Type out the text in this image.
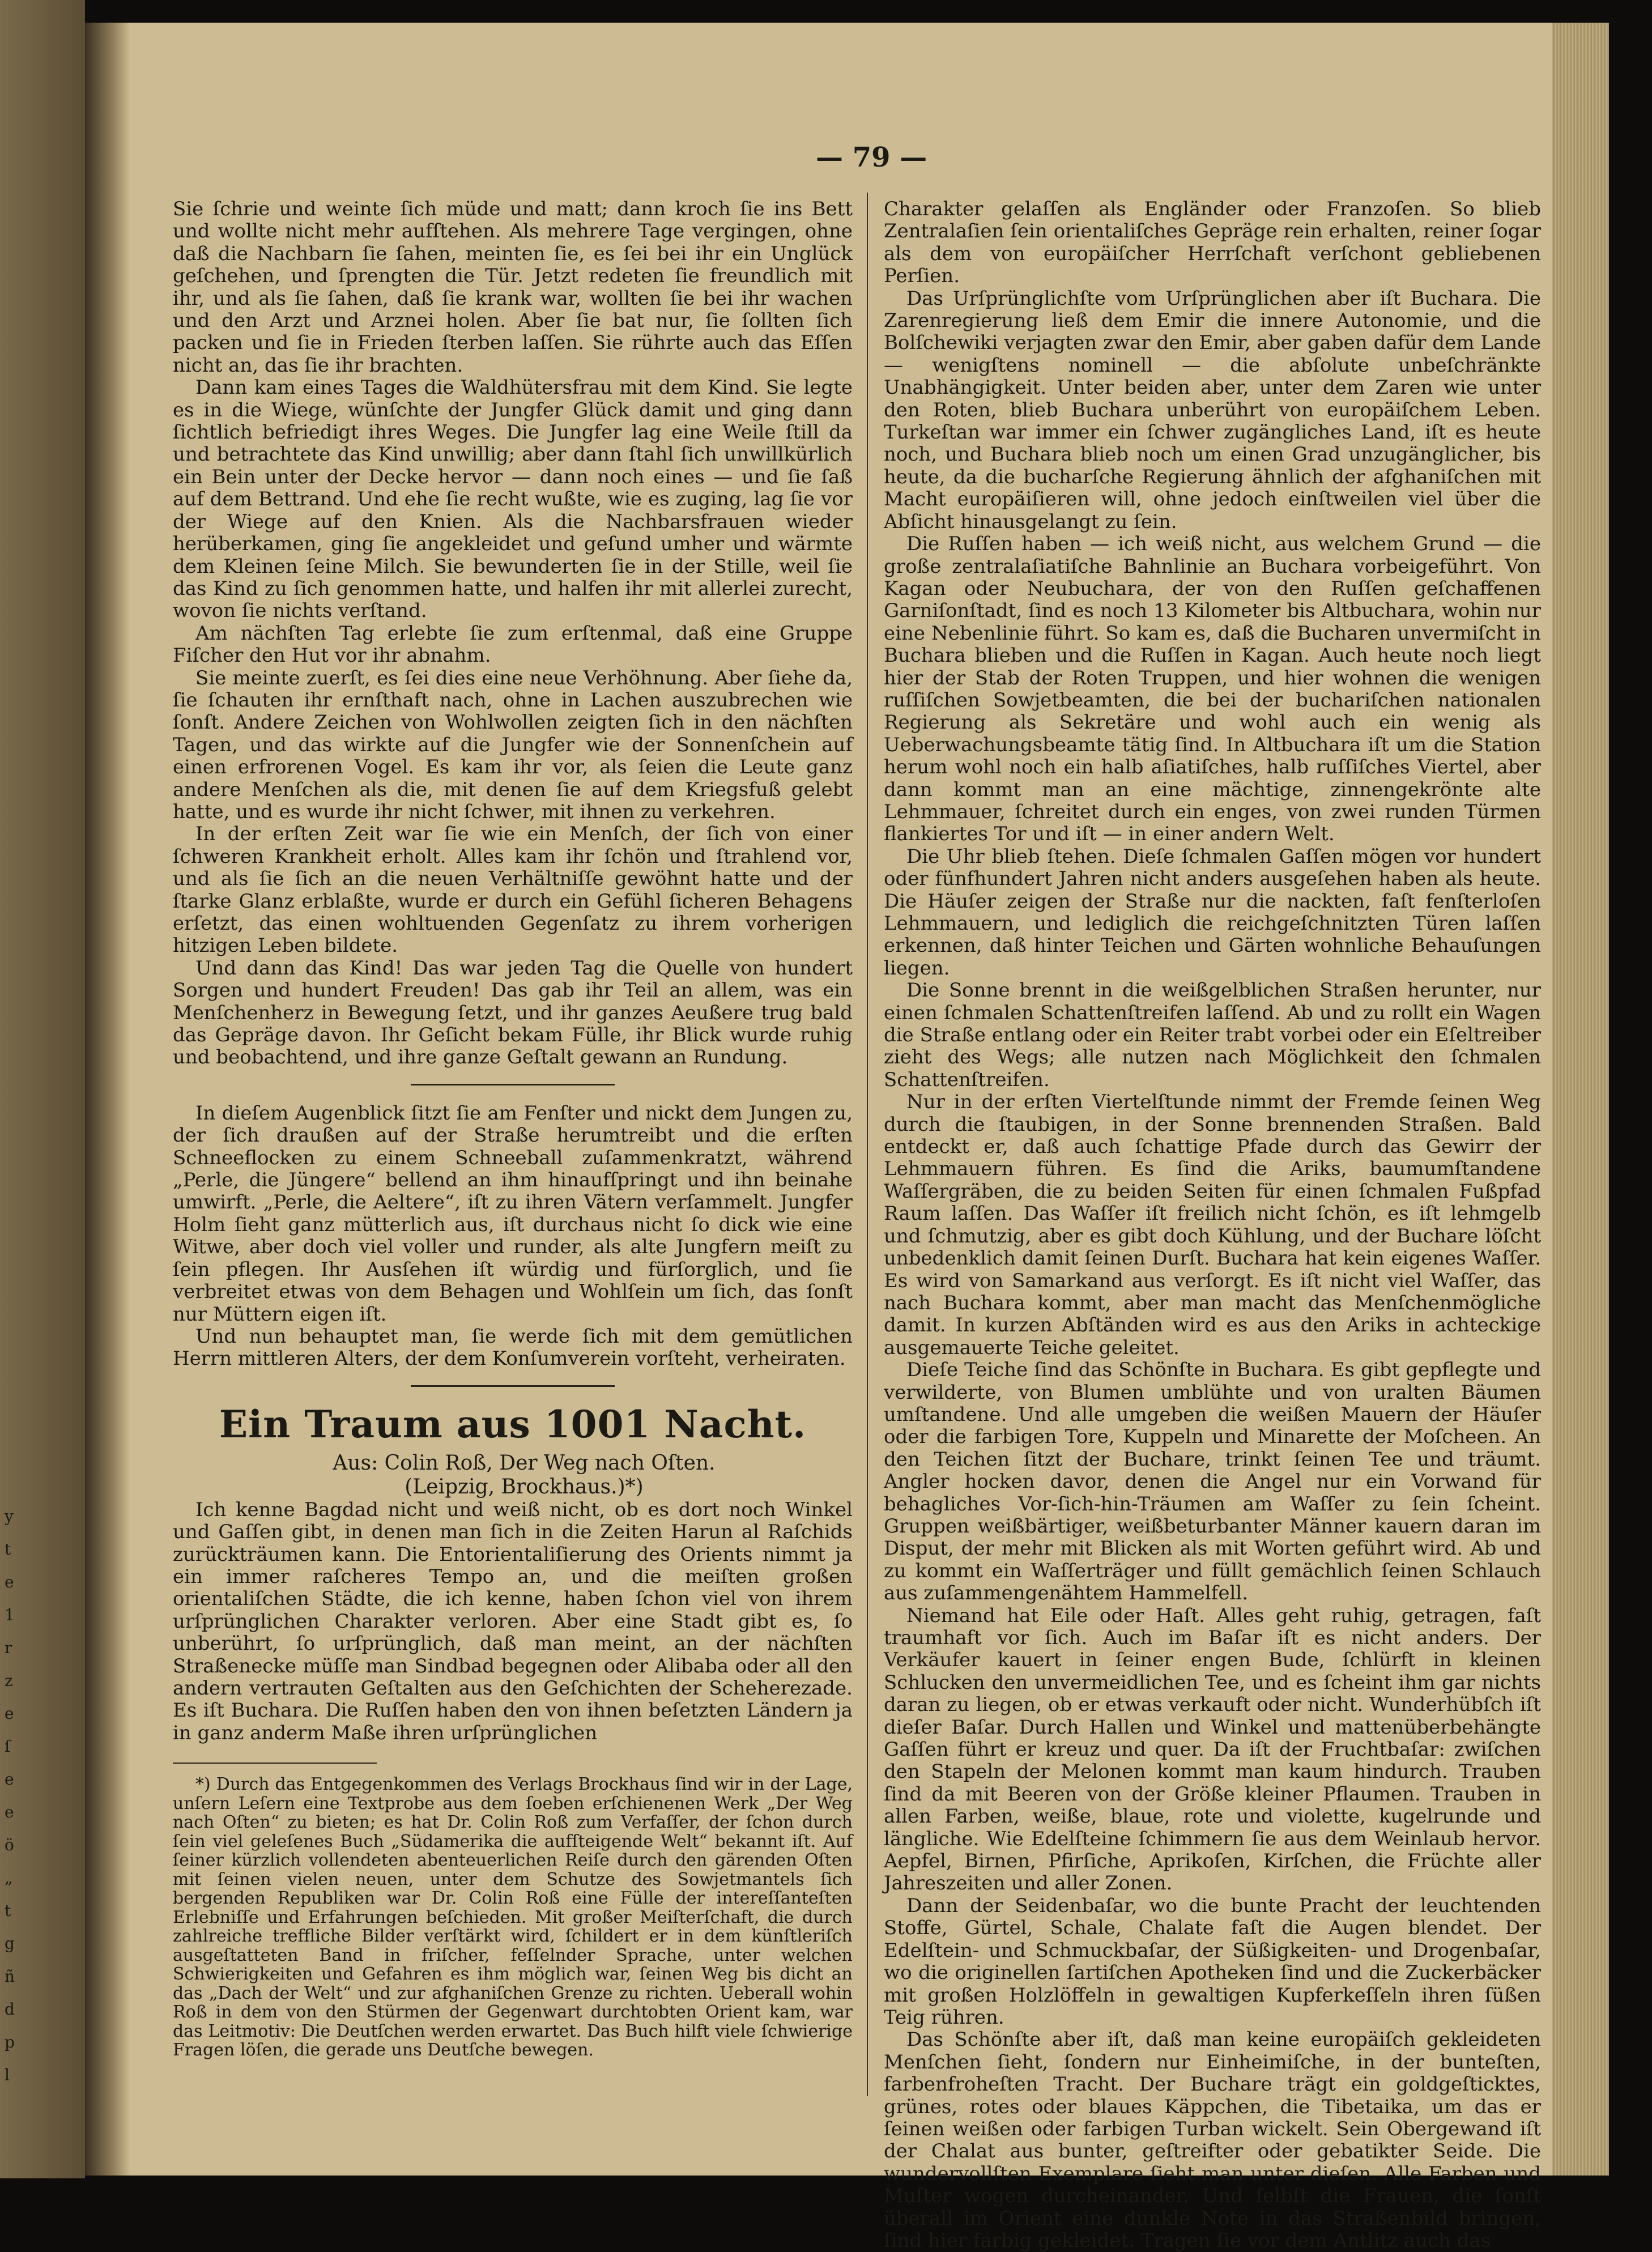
y
t
e
1
r
z
e
ſ
e
e
ö
„
t
g
ñ
d
p
l
— 79 —

Sie ſchrie und weinte ſich müde und matt; dann kroch ſie ins Bett und wollte nicht mehr aufſtehen. Als mehrere Tage vergingen, ohne daß die Nachbarn ſie ſahen, meinten ſie, es ſei bei ihr ein Unglück geſchehen, und ſprengten die Tür. Jetzt redeten ſie freundlich mit ihr, und als ſie ſahen, daß ſie krank war, wollten ſie bei ihr wachen und den Arzt und Arznei holen. Aber ſie bat nur, ſie ſollten ſich packen und ſie in Frieden ſterben laſſen. Sie rührte auch das Eſſen nicht an, das ſie ihr brachten.

Dann kam eines Tages die Waldhütersfrau mit dem Kind. Sie legte es in die Wiege, wünſchte der Jungfer Glück damit und ging dann ſichtlich befriedigt ihres Weges. Die Jungfer lag eine Weile ſtill da und betrachtete das Kind unwillig; aber dann ſtahl ſich unwillkürlich ein Bein unter der Decke hervor — dann noch eines — und ſie ſaß auf dem Bettrand. Und ehe ſie recht wußte, wie es zuging, lag ſie vor der Wiege auf den Knien. Als die Nachbarsfrauen wieder herüberkamen, ging ſie angekleidet und geſund umher und wärmte dem Kleinen ſeine Milch. Sie bewunderten ſie in der Stille, weil ſie das Kind zu ſich genommen hatte, und halfen ihr mit allerlei zurecht, wovon ſie nichts verſtand.

Am nächſten Tag erlebte ſie zum erſtenmal, daß eine Gruppe Fiſcher den Hut vor ihr abnahm.

Sie meinte zuerſt, es ſei dies eine neue Verhöhnung. Aber ſiehe da, ſie ſchauten ihr ernſthaft nach, ohne in Lachen auszubrechen wie ſonſt. Andere Zeichen von Wohlwollen zeigten ſich in den nächſten Tagen, und das wirkte auf die Jungfer wie der Sonnenſchein auf einen erfrorenen Vogel. Es kam ihr vor, als ſeien die Leute ganz andere Menſchen als die, mit denen ſie auf dem Kriegsfuß gelebt hatte, und es wurde ihr nicht ſchwer, mit ihnen zu verkehren.

In der erſten Zeit war ſie wie ein Menſch, der ſich von einer ſchweren Krankheit erholt. Alles kam ihr ſchön und ſtrahlend vor, und als ſie ſich an die neuen Verhältniſſe gewöhnt hatte und der ſtarke Glanz erblaßte, wurde er durch ein Gefühl ſicheren Behagens erſetzt, das einen wohltuenden Gegenſatz zu ihrem vorherigen hitzigen Leben bildete.

Und dann das Kind! Das war jeden Tag die Quelle von hundert Sorgen und hundert Freuden! Das gab ihr Teil an allem, was ein Menſchenherz in Bewegung ſetzt, und ihr ganzes Aeußere trug bald das Gepräge davon. Ihr Geſicht bekam Fülle, ihr Blick wurde ruhig und beobachtend, und ihre ganze Geſtalt gewann an Rundung.

In dieſem Augenblick ſitzt ſie am Fenſter und nickt dem Jungen zu, der ſich draußen auf der Straße herumtreibt und die erſten Schneeflocken zu einem Schneeball zuſammenkratzt, während „Perle, die Jüngere“ bellend an ihm hinaufſpringt und ihn beinahe umwirft. „Perle, die Aeltere“, iſt zu ihren Vätern verſammelt. Jungfer Holm ſieht ganz mütterlich aus, iſt durchaus nicht ſo dick wie eine Witwe, aber doch viel voller und runder, als alte Jungfern meiſt zu ſein pflegen. Ihr Ausſehen iſt würdig und fürſorglich, und ſie verbreitet etwas von dem Behagen und Wohlſein um ſich, das ſonſt nur Müttern eigen iſt.

Und nun behauptet man, ſie werde ſich mit dem gemütlichen Herrn mittleren Alters, der dem Konſumverein vorſteht, verheiraten.

Ein Traum aus 1001 Nacht.

Aus: Colin Roß, Der Weg nach Oſten.

(Leipzig, Brockhaus.)*)

Ich kenne Bagdad nicht und weiß nicht, ob es dort noch Winkel und Gaſſen gibt, in denen man ſich in die Zeiten Harun al Raſchids zurückträumen kann. Die Entorientaliſierung des Orients nimmt ja ein immer raſcheres Tempo an, und die meiſten großen orientaliſchen Städte, die ich kenne, haben ſchon viel von ihrem urſprünglichen Charakter verloren. Aber eine Stadt gibt es, ſo unberührt, ſo urſprünglich, daß man meint, an der nächſten Straßenecke müſſe man Sindbad begegnen oder Alibaba oder all den andern vertrauten Geſtalten aus den Geſchichten der Scheherezade. Es iſt Buchara. Die Ruſſen haben den von ihnen beſetzten Ländern ja in ganz anderm Maße ihren urſprünglichen

*) Durch das Entgegenkommen des Verlags Brockhaus ſind wir in der Lage, unſern Leſern eine Textprobe aus dem ſoeben erſchienenen Werk „Der Weg nach Oſten“ zu bieten; es hat Dr. Colin Roß zum Verfaſſer, der ſchon durch ſein viel geleſenes Buch „Südamerika die aufſteigende Welt“ bekannt iſt. Auf ſeiner kürzlich vollendeten abenteuerlichen Reiſe durch den gärenden Oſten mit ſeinen vielen neuen, unter dem Schutze des Sowjetmantels ſich bergenden Republiken war Dr. Colin Roß eine Fülle der intereſſanteſten Erlebniſſe und Erfahrungen beſchieden. Mit großer Meiſterſchaft, die durch zahlreiche treffliche Bilder verſtärkt wird, ſchildert er in dem künſtleriſch ausgeſtatteten Band in friſcher, feſſelnder Sprache, unter welchen Schwierigkeiten und Gefahren es ihm möglich war, ſeinen Weg bis dicht an das „Dach der Welt“ und zur afghaniſchen Grenze zu richten. Ueberall wohin Roß in dem von den Stürmen der Gegenwart durchtobten Orient kam, war das Leitmotiv: Die Deutſchen werden erwartet. Das Buch hilft viele ſchwierige Fragen löſen, die gerade uns Deutſche bewegen.

Charakter gelaſſen als Engländer oder Franzoſen. So blieb Zentralaſien ſein orientaliſches Gepräge rein erhalten, reiner ſogar als dem von europäiſcher Herrſchaft verſchont gebliebenen Perſien.

Das Urſprünglichſte vom Urſprünglichen aber iſt Buchara. Die Zarenregierung ließ dem Emir die innere Autonomie, und die Bolſchewiki verjagten zwar den Emir, aber gaben dafür dem Lande — wenigſtens nominell — die abſolute unbeſchränkte Unabhängigkeit. Unter beiden aber, unter dem Zaren wie unter den Roten, blieb Buchara unberührt von europäiſchem Leben. Turkeſtan war immer ein ſchwer zugängliches Land, iſt es heute noch, und Buchara blieb noch um einen Grad unzugänglicher, bis heute, da die bucharſche Regierung ähnlich der afghaniſchen mit Macht europäiſieren will, ohne jedoch einſtweilen viel über die Abſicht hinausgelangt zu ſein.

Die Ruſſen haben — ich weiß nicht, aus welchem Grund — die große zentralaſiatiſche Bahnlinie an Buchara vorbeigeführt. Von Kagan oder Neubuchara, der von den Ruſſen geſchaffenen Garniſonſtadt, ſind es noch 13 Kilometer bis Altbuchara, wohin nur eine Nebenlinie führt. So kam es, daß die Bucharen unvermiſcht in Buchara blieben und die Ruſſen in Kagan. Auch heute noch liegt hier der Stab der Roten Truppen, und hier wohnen die wenigen ruſſiſchen Sowjetbeamten, die bei der buchariſchen nationalen Regierung als Sekretäre und wohl auch ein wenig als Ueberwachungsbeamte tätig ſind. In Altbuchara iſt um die Station herum wohl noch ein halb aſiatiſches, halb ruſſiſches Viertel, aber dann kommt man an eine mächtige, zinnengekrönte alte Lehmmauer, ſchreitet durch ein enges, von zwei runden Türmen flankiertes Tor und iſt — in einer andern Welt.

Die Uhr blieb ſtehen. Dieſe ſchmalen Gaſſen mögen vor hundert oder fünfhundert Jahren nicht anders ausgeſehen haben als heute. Die Häuſer zeigen der Straße nur die nackten, faſt fenſterloſen Lehmmauern, und lediglich die reichgeſchnitzten Türen laſſen erkennen, daß hinter Teichen und Gärten wohnliche Behauſungen liegen.

Die Sonne brennt in die weißgelblichen Straßen herunter, nur einen ſchmalen Schattenſtreifen laſſend. Ab und zu rollt ein Wagen die Straße entlang oder ein Reiter trabt vorbei oder ein Eſeltreiber zieht des Wegs; alle nutzen nach Möglichkeit den ſchmalen Schattenſtreifen.

Nur in der erſten Viertelſtunde nimmt der Fremde ſeinen Weg durch die ſtaubigen, in der Sonne brennenden Straßen. Bald entdeckt er, daß auch ſchattige Pfade durch das Gewirr der Lehmmauern führen. Es ſind die Ariks, baumumſtandene Waſſergräben, die zu beiden Seiten für einen ſchmalen Fußpfad Raum laſſen. Das Waſſer iſt freilich nicht ſchön, es iſt lehmgelb und ſchmutzig, aber es gibt doch Kühlung, und der Buchare löſcht unbedenklich damit ſeinen Durſt. Buchara hat kein eigenes Waſſer. Es wird von Samarkand aus verſorgt. Es iſt nicht viel Waſſer, das nach Buchara kommt, aber man macht das Menſchenmögliche damit. In kurzen Abſtänden wird es aus den Ariks in achteckige ausgemauerte Teiche geleitet.

Dieſe Teiche ſind das Schönſte in Buchara. Es gibt gepflegte und verwilderte, von Blumen umblühte und von uralten Bäumen umſtandene. Und alle umgeben die weißen Mauern der Häuſer oder die farbigen Tore, Kuppeln und Minarette der Moſcheen. An den Teichen ſitzt der Buchare, trinkt ſeinen Tee und träumt. Angler hocken davor, denen die Angel nur ein Vorwand für behagliches Vor-ſich-hin-Träumen am Waſſer zu ſein ſcheint. Gruppen weißbärtiger, weißbeturbanter Männer kauern daran im Disput, der mehr mit Blicken als mit Worten geführt wird. Ab und zu kommt ein Waſſerträger und füllt gemächlich ſeinen Schlauch aus zuſammengenähtem Hammelfell.

Niemand hat Eile oder Haſt. Alles geht ruhig, getragen, faſt traumhaft vor ſich. Auch im Baſar iſt es nicht anders. Der Verkäufer kauert in ſeiner engen Bude, ſchlürft in kleinen Schlucken den unvermeidlichen Tee, und es ſcheint ihm gar nichts daran zu liegen, ob er etwas verkauft oder nicht. Wunderhübſch iſt dieſer Baſar. Durch Hallen und Winkel und mattenüberbehängte Gaſſen führt er kreuz und quer. Da iſt der Fruchtbaſar: zwiſchen den Stapeln der Melonen kommt man kaum hindurch. Trauben ſind da mit Beeren von der Größe kleiner Pflaumen. Trauben in allen Farben, weiße, blaue, rote und violette, kugelrunde und längliche. Wie Edelſteine ſchimmern ſie aus dem Weinlaub hervor. Aepfel, Birnen, Pfirſiche, Aprikoſen, Kirſchen, die Früchte aller Jahreszeiten und aller Zonen.

Dann der Seidenbaſar, wo die bunte Pracht der leuchtenden Stoffe, Gürtel, Schale, Chalate faſt die Augen blendet. Der Edelſtein- und Schmuckbaſar, der Süßigkeiten- und Drogenbaſar, wo die originellen ſartiſchen Apotheken ſind und die Zuckerbäcker mit großen Holzlöffeln in gewaltigen Kupferkeſſeln ihren ſüßen Teig rühren.

Das Schönſte aber iſt, daß man keine europäiſch gekleideten Menſchen ſieht, ſondern nur Einheimiſche, in der bunteſten, farbenfroheſten Tracht. Der Buchare trägt ein goldgeſticktes, grünes, rotes oder blaues Käppchen, die Tibetaika, um das er ſeinen weißen oder farbigen Turban wickelt. Sein Obergewand iſt der Chalat aus bunter, geſtreifter oder gebatikter Seide. Die wundervollſten Exemplare ſieht man unter dieſen. Alle Farben und Muſter wogen durcheinander. Und ſelbſt die Frauen, die ſonſt überall im Orient eine dunkle Note in das Straßenbild bringen, ſind hier farbig gekleidet. Tragen ſie vor dem Antlitz auch das
